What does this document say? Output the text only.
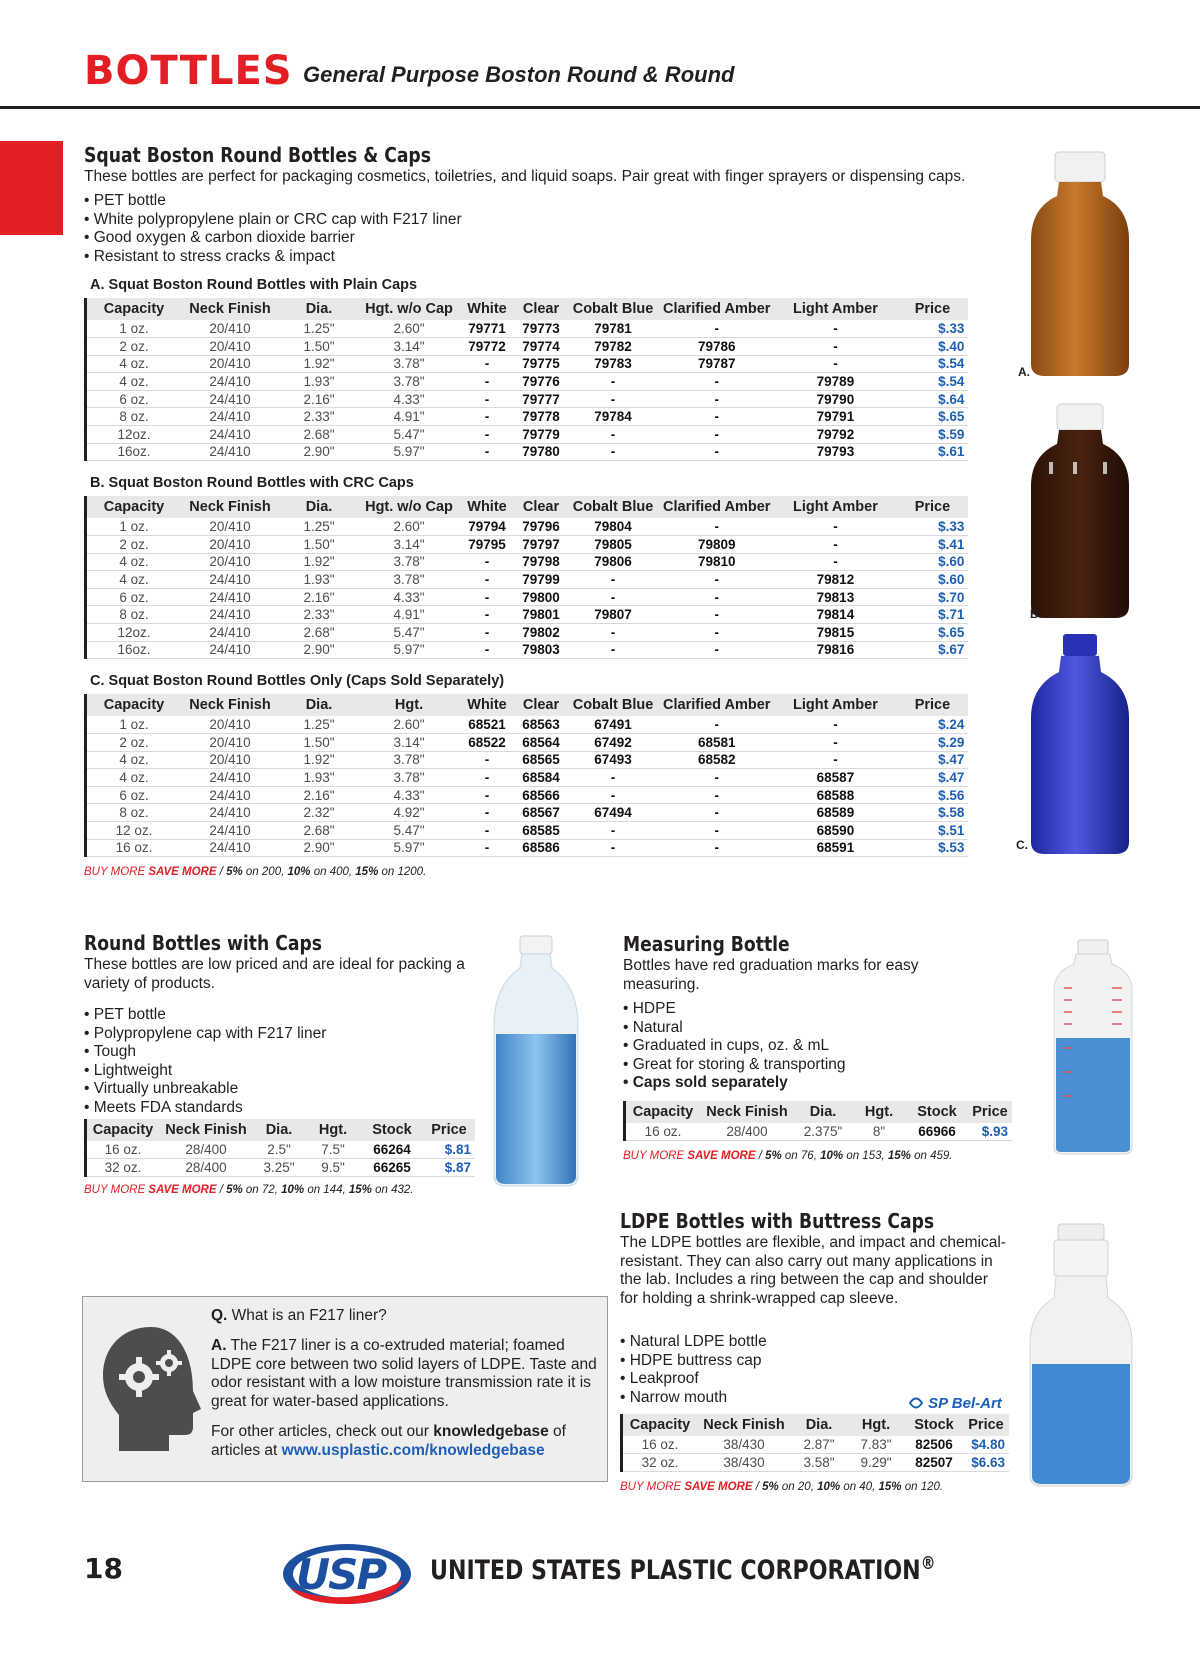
BOTTLES General Purpose Boston Round & Round
Squat Boston Round Bottles & Caps
These bottles are perfect for packaging cosmetics, toiletries, and liquid soaps. Pair great with finger sprayers or dispensing caps.
• PET bottle
• White polypropylene plain or CRC cap with F217 liner
• Good oxygen & carbon dioxide barrier
• Resistant to stress cracks & impact
A. Squat Boston Round Bottles with Plain Caps
Capacity	Neck Finish	Dia.	Hgt. w/o Cap	White	Clear	Cobalt Blue	Clarified Amber	Light Amber	Price
1 oz.	20/410	1.25"	2.60"	79771	79773	79781	-	-	$.33
2 oz.	20/410	1.50"	3.14"	79772	79774	79782	79786	-	$.40
4 oz.	20/410	1.92"	3.78"	-	79775	79783	79787	-	$.54
4 oz.	24/410	1.93"	3.78"	-	79776	-	-	79789	$.54
6 oz.	24/410	2.16"	4.33"	-	79777	-	-	79790	$.64
8 oz.	24/410	2.33"	4.91"	-	79778	79784	-	79791	$.65
12oz.	24/410	2.68"	5.47"	-	79779	-	-	79792	$.59
16oz.	24/410	2.90"	5.97"	-	79780	-	-	79793	$.61
B. Squat Boston Round Bottles with CRC Caps
Capacity	Neck Finish	Dia.	Hgt. w/o Cap	White	Clear	Cobalt Blue	Clarified Amber	Light Amber	Price
1 oz.	20/410	1.25"	2.60"	79794	79796	79804	-	-	$.33
2 oz.	20/410	1.50"	3.14"	79795	79797	79805	79809	-	$.41
4 oz.	20/410	1.92"	3.78"	-	79798	79806	79810	-	$.60
4 oz.	24/410	1.93"	3.78"	-	79799	-	-	79812	$.60
6 oz.	24/410	2.16"	4.33"	-	79800	-	-	79813	$.70
8 oz.	24/410	2.33"	4.91"	-	79801	79807	-	79814	$.71
12oz.	24/410	2.68"	5.47"	-	79802	-	-	79815	$.65
16oz.	24/410	2.90"	5.97"	-	79803	-	-	79816	$.67
C. Squat Boston Round Bottles Only (Caps Sold Separately)
Capacity	Neck Finish	Dia.	Hgt.	White	Clear	Cobalt Blue	Clarified Amber	Light Amber	Price
1 oz.	20/410	1.25"	2.60"	68521	68563	67491	-	-	$.24
2 oz.	20/410	1.50"	3.14"	68522	68564	67492	68581	-	$.29
4 oz.	20/410	1.92"	3.78"	-	68565	67493	68582	-	$.47
4 oz.	24/410	1.93"	3.78"	-	68584	-	-	68587	$.47
6 oz.	24/410	2.16"	4.33"	-	68566	-	-	68588	$.56
8 oz.	24/410	2.32"	4.92"	-	68567	67494	-	68589	$.58
12 oz.	24/410	2.68"	5.47"	-	68585	-	-	68590	$.51
16 oz.	24/410	2.90"	5.97"	-	68586	-	-	68591	$.53
BUY MORE SAVE MORE / 5% on 200, 10% on 400, 15% on 1200.
A.
B.
C.
Round Bottles with Caps
These bottles are low priced and are ideal for packing a variety of products.
• PET bottle
• Polypropylene cap with F217 liner
• Tough
• Lightweight
• Virtually unbreakable
• Meets FDA standards
Capacity	Neck Finish	Dia.	Hgt.	Stock	Price
16 oz.	28/400	2.5"	7.5"	66264	$.81
32 oz.	28/400	3.25"	9.5"	66265	$.87
BUY MORE SAVE MORE / 5% on 72, 10% on 144, 15% on 432.
Measuring Bottle
Bottles have red graduation marks for easy measuring.
• HDPE
• Natural
• Graduated in cups, oz. & mL
• Great for storing & transporting
• Caps sold separately
Capacity	Neck Finish	Dia.	Hgt.	Stock	Price
16 oz.	28/400	2.375"	8"	66966	$.93
BUY MORE SAVE MORE / 5% on 76, 10% on 153, 15% on 459.
LDPE Bottles with Buttress Caps
The LDPE bottles are flexible, and impact and chemical-resistant. They can also carry out many applications in the lab. Includes a ring between the cap and shoulder for holding a shrink-wrapped cap sleeve.
• Natural LDPE bottle
• HDPE buttress cap
• Leakproof
• Narrow mouth	SP Bel-Art
Capacity	Neck Finish	Dia.	Hgt.	Stock	Price
16 oz.	38/430	2.87"	7.83"	82506	$4.80
32 oz.	38/430	3.58"	9.29"	82507	$6.63
BUY MORE SAVE MORE / 5% on 20, 10% on 40, 15% on 120.
Q. What is an F217 liner?
A. The F217 liner is a co-extruded material; foamed LDPE core between two solid layers of LDPE. Taste and odor resistant with a low moisture transmission rate it is great for water-based applications.
For other articles, check out our knowledgebase of articles at www.usplastic.com/knowledgebase
18	USP UNITED STATES PLASTIC CORPORATION®
